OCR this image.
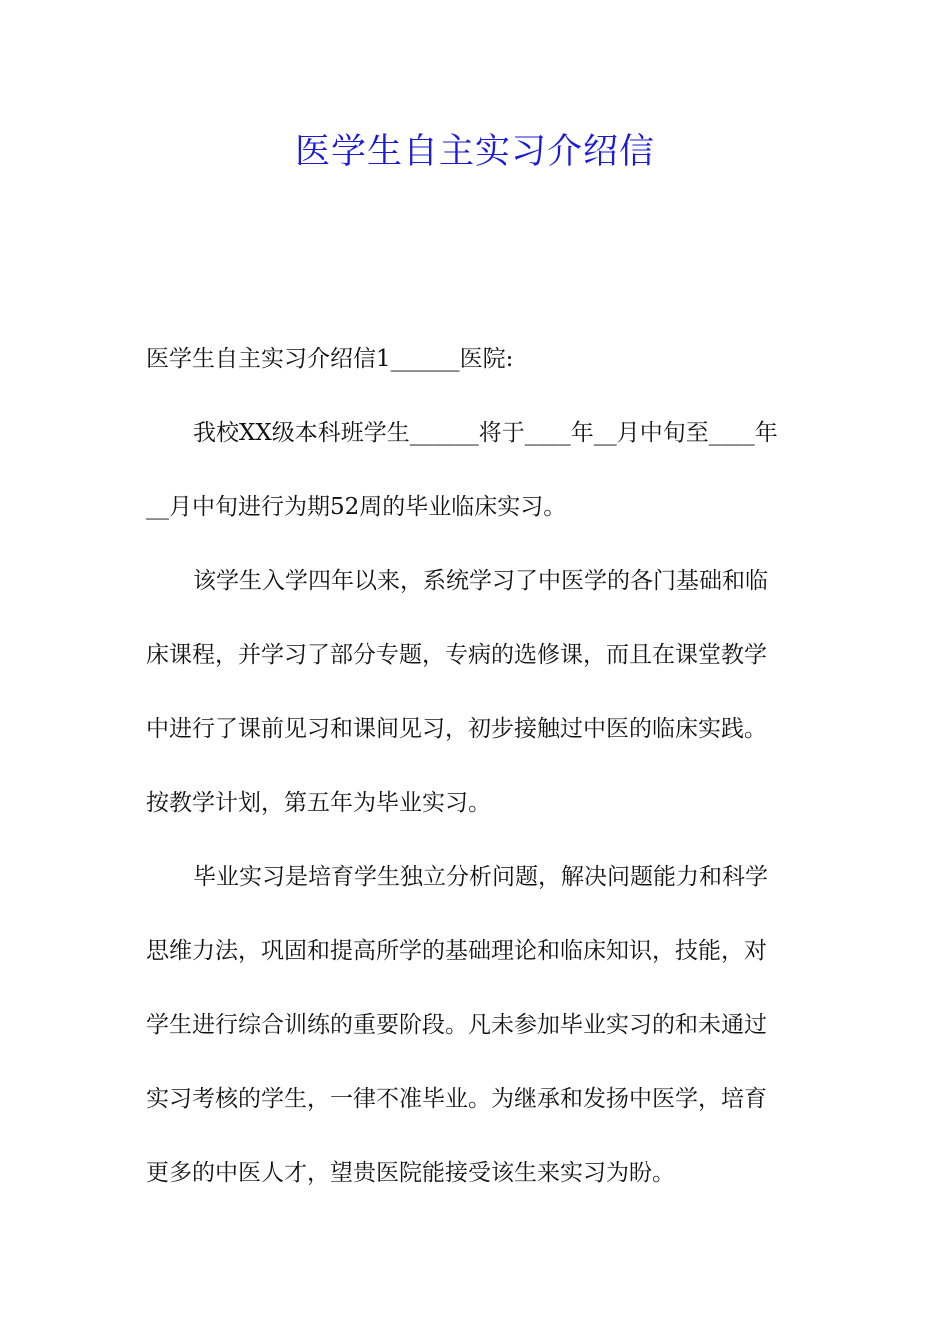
医学生自主实习介绍信
医学生自主实习介绍信1______医院:
我校XX级本科班学生______将于____年__月中旬至____年
__月中旬进行为期52周的毕业临床实习。
该学生入学四年以来，系统学习了中医学的各门基础和临
床课程，并学习了部分专题，专病的选修课，而且在课堂教学
中进行了课前见习和课间见习，初步接触过中医的临床实践。
按教学计划，第五年为毕业实习。
毕业实习是培育学生独立分析问题，解决问题能力和科学
思维力法，巩固和提高所学的基础理论和临床知识，技能，对
学生进行综合训练的重要阶段。凡未参加毕业实习的和未通过
实习考核的学生，一律不准毕业。为继承和发扬中医学，培育
更多的中医人才，望贵医院能接受该生来实习为盼。
